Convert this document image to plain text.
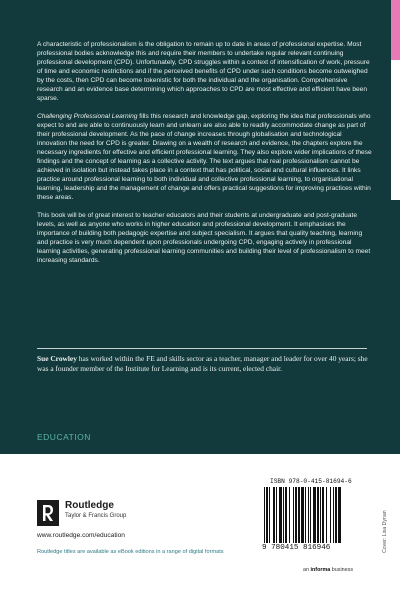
A characteristic of professionalism is the obligation to remain up to date in areas of professional expertise. Most professional bodies acknowledge this and require their members to undertake regular relevant continuing professional development (CPD). Unfortunately, CPD struggles within a context of intensification of work, pressure of time and economic restrictions and if the perceived benefits of CPD under such conditions become outweighed by the costs, then CPD can become tokenistic for both the individual and the organisation. Comprehensive research and an evidence base determining which approaches to CPD are most effective and efficient have been sparse.

Challenging Professional Learning fills this research and knowledge gap, exploring the idea that professionals who expect to and are able to continuously learn and unlearn are also able to readily accommodate change as part of their professional development. As the pace of change increases through globalisation and technological innovation the need for CPD is greater. Drawing on a wealth of research and evidence, the chapters explore the necessary ingredients for effective and efficient professional learning. They also explore wider implications of these findings and the concept of learning as a collective activity. The text argues that real professionalism cannot be achieved in isolation but instead takes place in a context that has political, social and cultural influences. It links practice around professional learning to both individual and collective professional learning, to organisational learning, leadership and the management of change and offers practical suggestions for improving practices within these areas.

This book will be of great interest to teacher educators and their students at undergraduate and post-graduate levels, as well as anyone who works in higher education and professional development. It emphasises the importance of building both pedagogic expertise and subject specialism. It argues that quality teaching, learning and practice is very much dependent upon professionals undergoing CPD, engaging actively in professional learning activities, generating professional learning communities and building their level of professionalism to meet increasing standards.

Sue Crowley has worked within the FE and skills sector as a teacher, manager and leader for over 40 years; she was a founder member of the Institute for Learning and is its current, elected chair.
EDUCATION
Routledge
Taylor & Francis Group
www.routledge.com/education
Routledge titles are available as eBook editions in a range of digital formats
ISBN 978-0-415-81694-6
9 780415 816946
an informa business
Cover: Lisa Dynan
